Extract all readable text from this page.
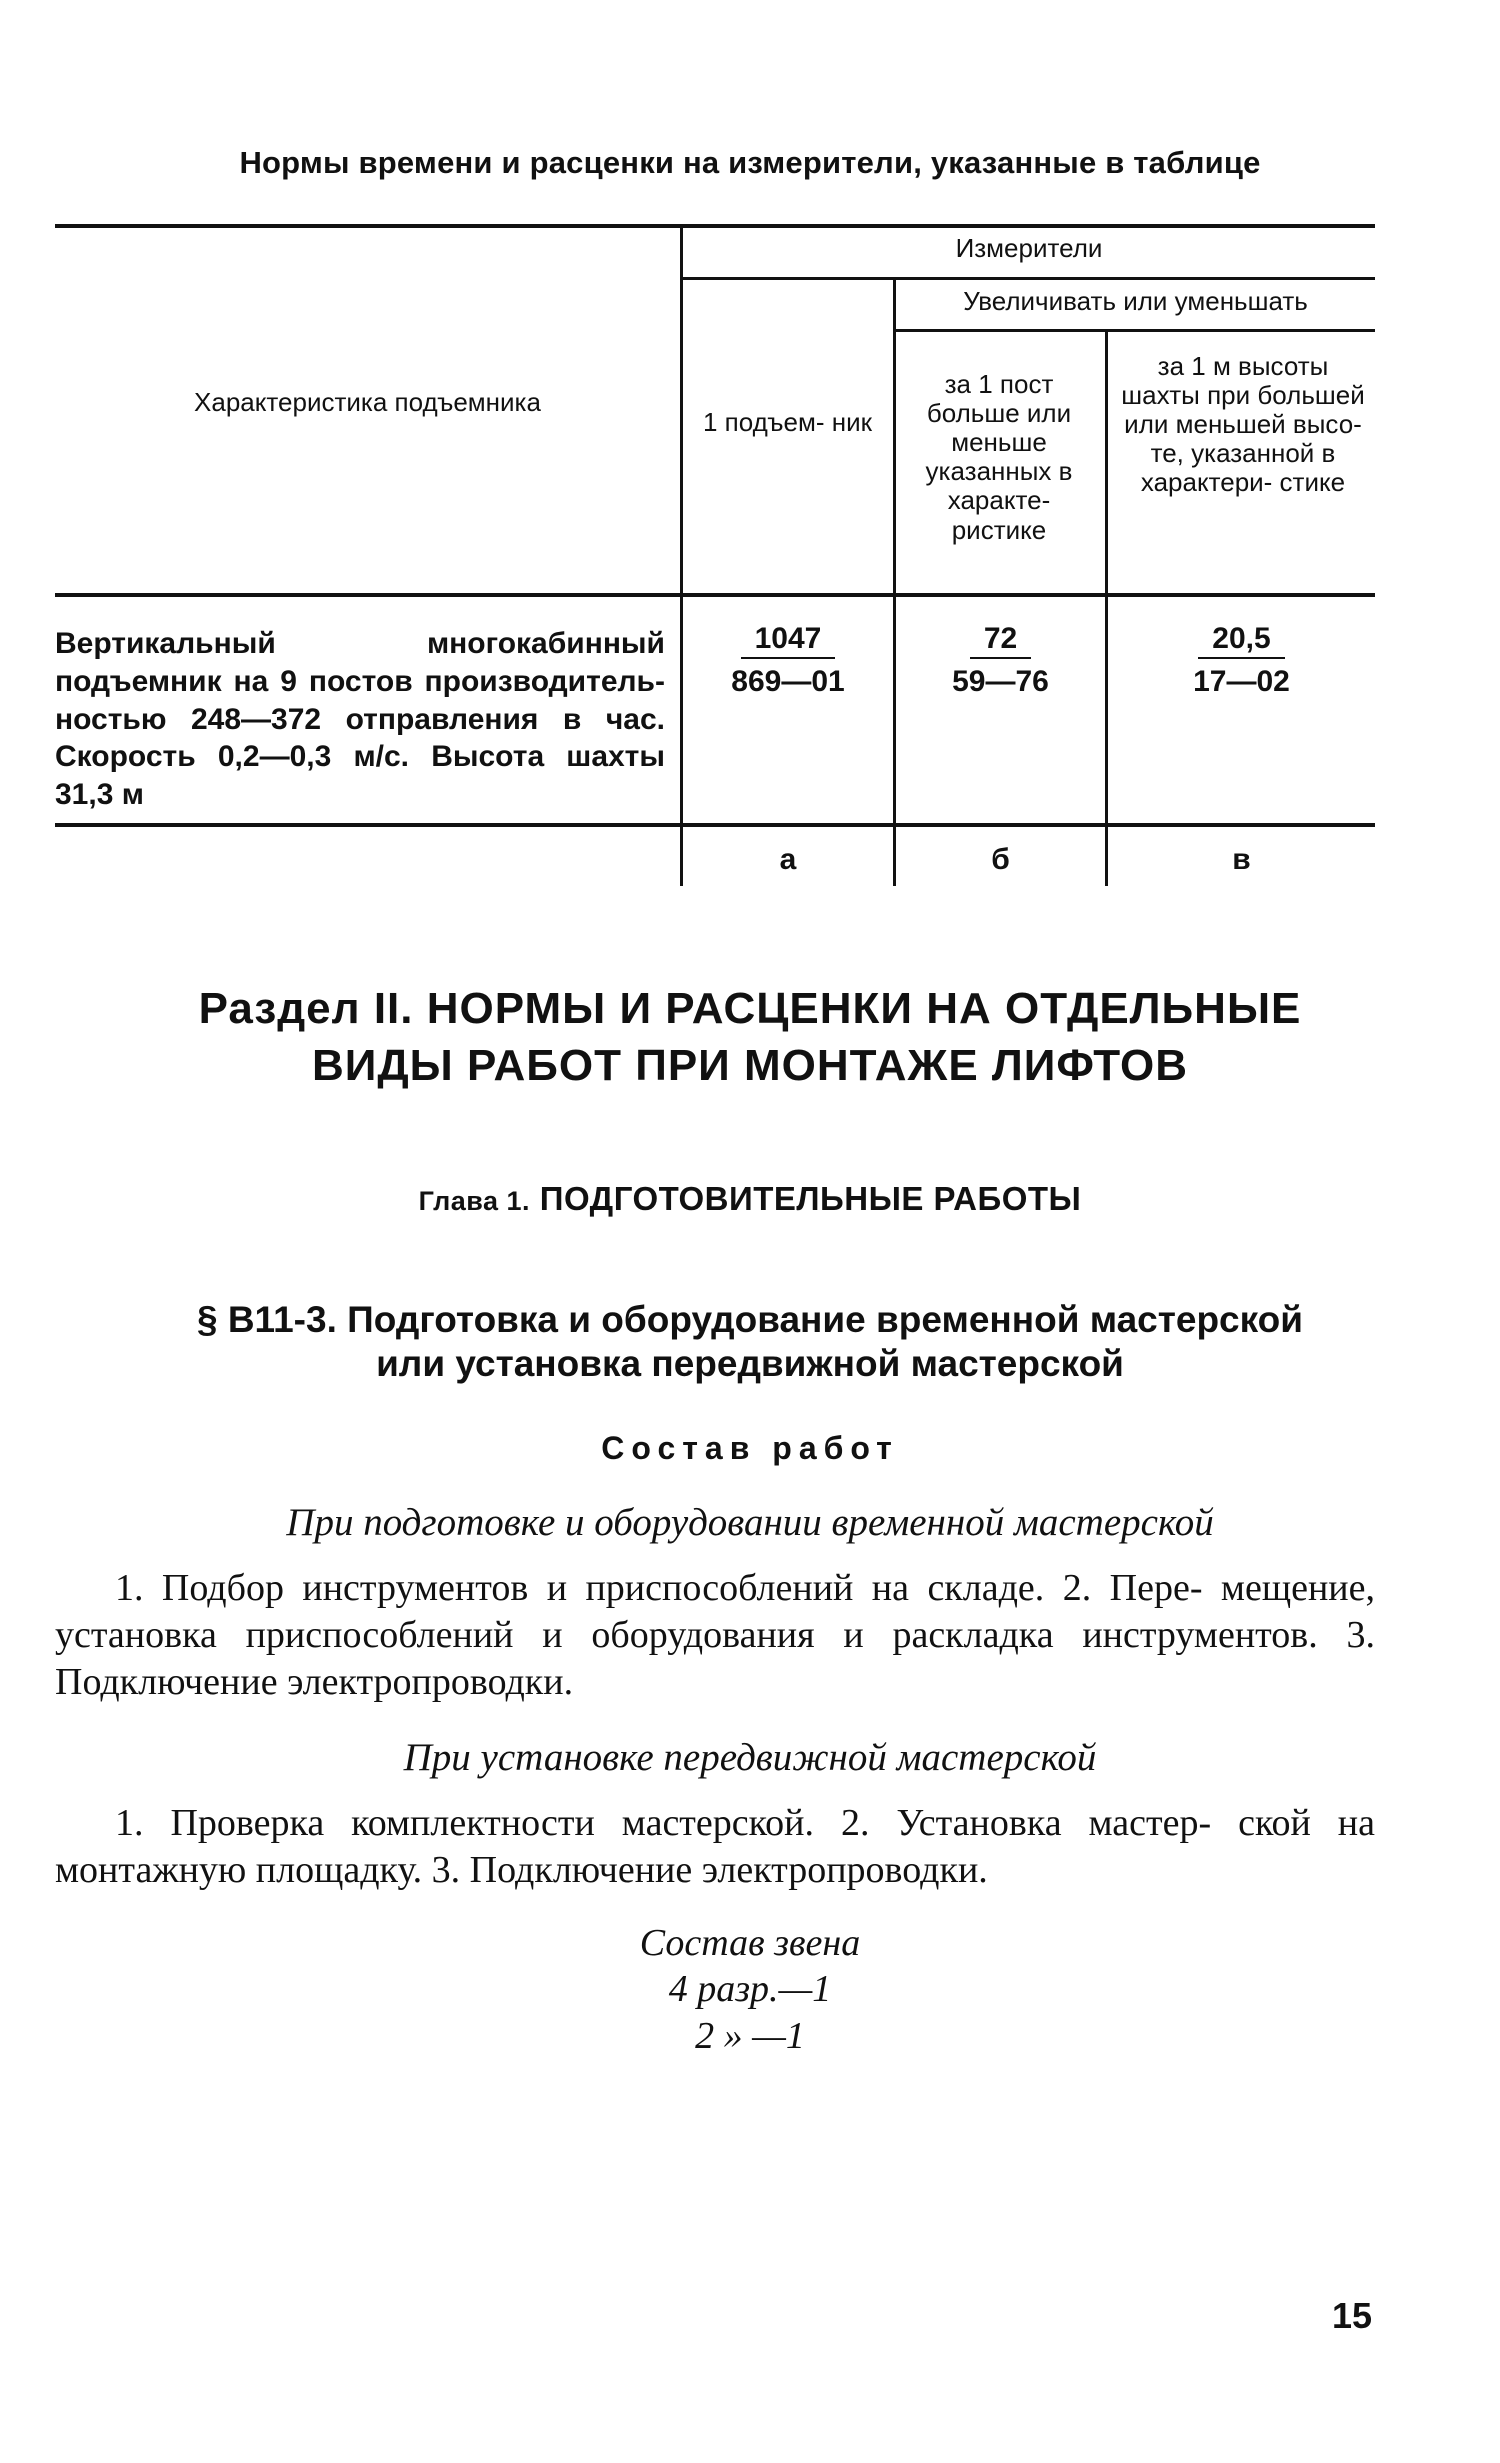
Нормы времени и расценки на измерители, указанные в таблице
Характеристика подъемника
Измерители
Увеличивать или уменьшать
1 подъем- ник
за 1 пост больше или меньше указанных в характе- ристике
за 1 м высоты шахты при большей или меньшей высо- те, указанной в характери- стике
Вертикальный многокабинный подъемник на 9 постов производитель- ностью 248—372 отправления в час. Скорость 0,2—0,3 м/с. Высота шахты 31,3 м
$\frac{1047}{869—01} \frac{72}{59—76} \frac{20,5}{17—02}$
а	б	в
Раздел II. НОРМЫ И РАСЦЕНКИ НА ОТДЕЛЬНЫЕ
ВИДЫ РАБОТ ПРИ МОНТАЖЕ ЛИФТОВ
Глава 1. ПОДГОТОВИТЕЛЬНЫЕ РАБОТЫ
§ В11-3. Подготовка и оборудование временной мастерской
или установка передвижной мастерской
Состав работ
При подготовке и оборудовании временной мастерской
1. Подбор инструментов и приспособлений на складе. 2. Пере- мещение, установка приспособлений и оборудования и раскладка инструментов. 3. Подключение электропроводки.
При установке передвижной мастерской
1. Проверка комплектности мастерской. 2. Установка мастер- ской на монтажную площадку. 3. Подключение электропроводки.
Состав звена
4 разр.—1
2 » —1
15
